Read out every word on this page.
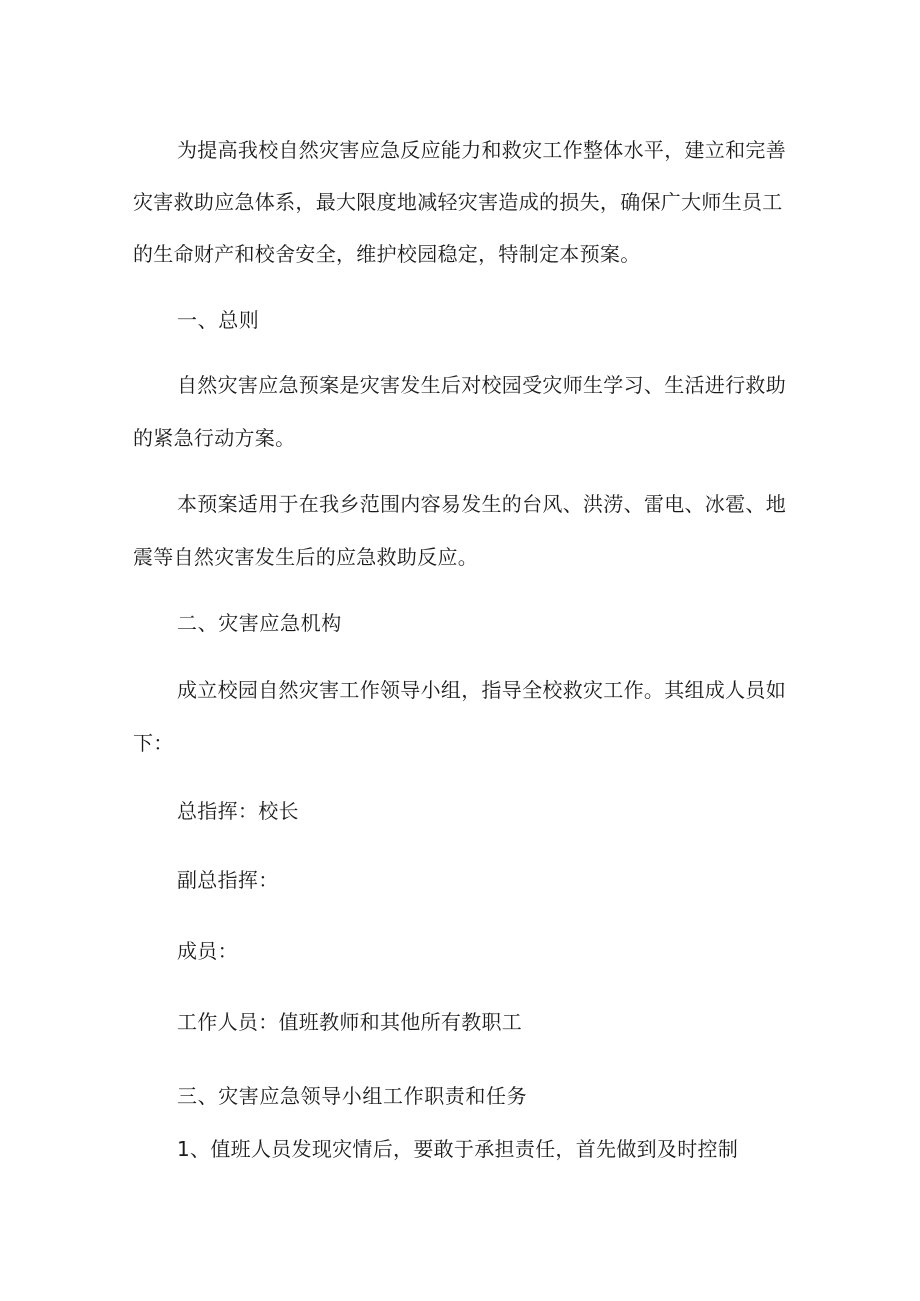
为提高我校自然灾害应急反应能力和救灾工作整体水平，建立和完善
灾害救助应急体系，最大限度地减轻灾害造成的损失，确保广大师生员工
的生命财产和校舍安全，维护校园稳定，特制定本预案。
一、总则
自然灾害应急预案是灾害发生后对校园受灾师生学习、生活进行救助
的紧急行动方案。
本预案适用于在我乡范围内容易发生的台风、洪涝、雷电、冰雹、地
震等自然灾害发生后的应急救助反应。
二、灾害应急机构
成立校园自然灾害工作领导小组，指导全校救灾工作。其组成人员如
下：
总指挥：校长
副总指挥：
成员：
工作人员：值班教师和其他所有教职工
三、灾害应急领导小组工作职责和任务
1、值班人员发现灾情后，要敢于承担责任，首先做到及时控制
